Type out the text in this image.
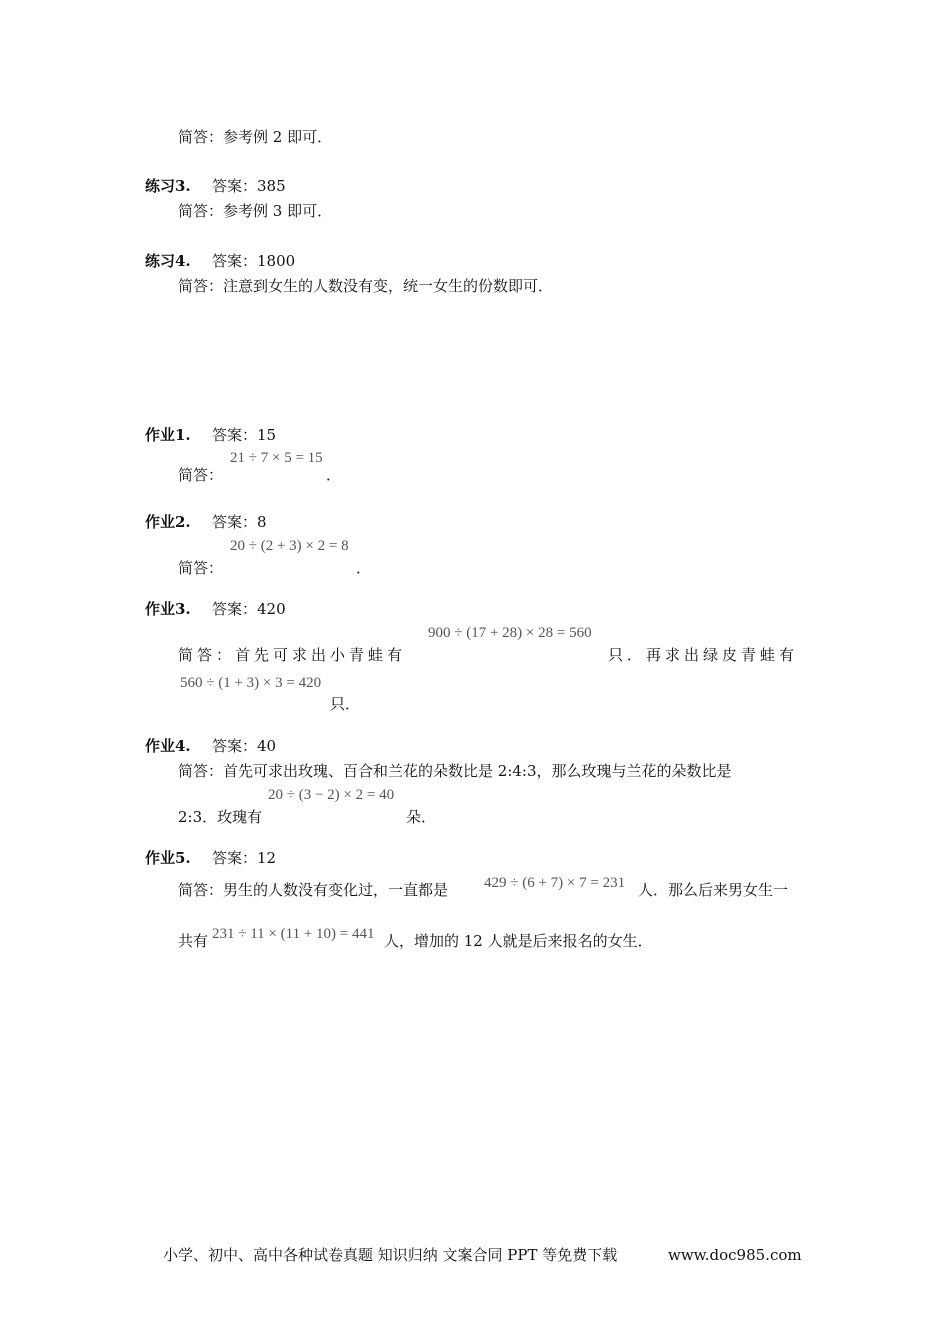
简答：参考例 2 即可．
练习3. 答案：385
简答：参考例 3 即可．
练习4. 答案：1800
简答：注意到女生的人数没有变，统一女生的份数即可．
作业1. 答案：15
21 ÷ 7 × 5 = 15
简答：	．
作业2. 答案：8
20 ÷ (2 + 3) × 2 = 8
简答：	．
作业3. 答案：420
900 ÷ (17 + 28) × 28 = 560
简答：首先可求出小青蛙有	只．再求出绿皮青蛙有
560 ÷ (1 + 3) × 3 = 420
只．
作业4. 答案：40
简答：首先可求出玫瑰、百合和兰花的朵数比是 2:4:3，那么玫瑰与兰花的朵数比是
20 ÷ (3 − 2) × 2 = 40
2:3．玫瑰有	朵．
作业5. 答案：12
简答：男生的人数没有变化过，一直都是 429 ÷ (6 + 7) × 7 = 231 人．那么后来男女生一
共有 231 ÷ 11 × (11 + 10) = 441 人，增加的 12 人就是后来报名的女生．
小学、初中、高中各种试卷真题 知识归纳 文案合同 PPT 等免费下载	www.doc985.com
